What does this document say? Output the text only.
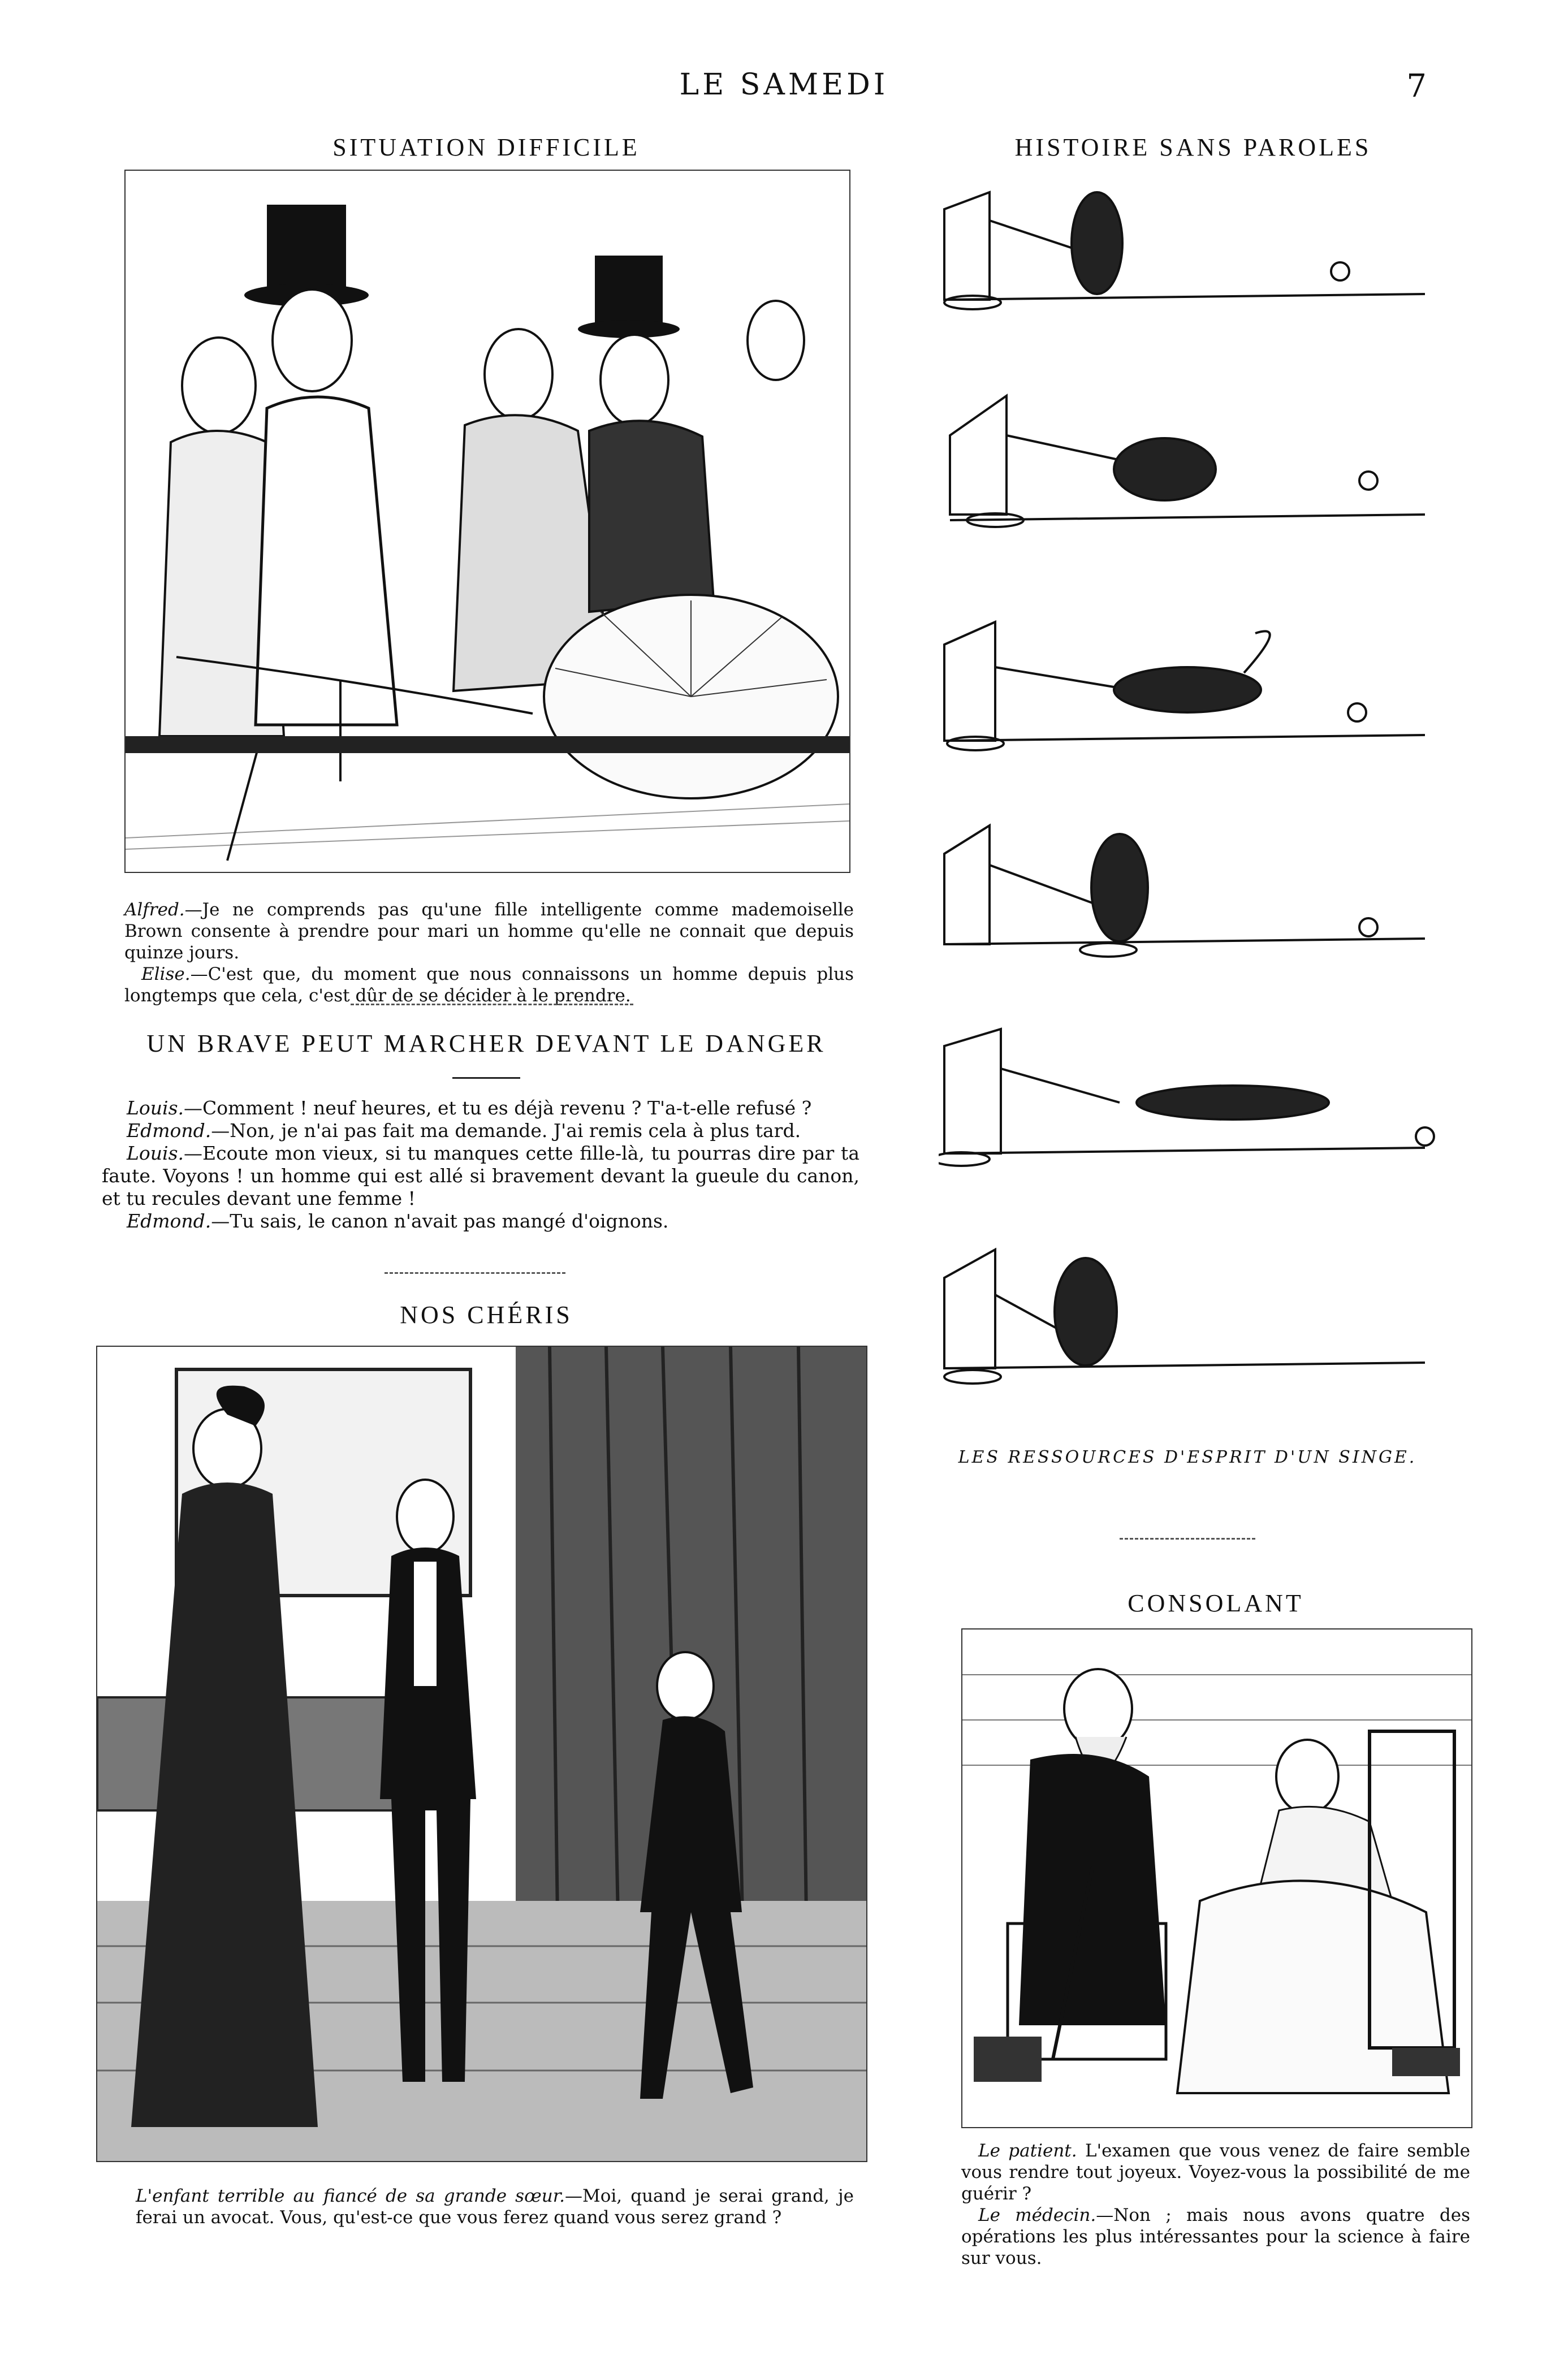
LE SAMEDI	7
SITUATION DIFFICILE
Alfred.—Je ne comprends pas qu'une fille intelligente comme mademoiselle Brown consente à prendre pour mari un homme qu'elle ne connait que depuis quinze jours.
Elise.—C'est que, du moment que nous connaissons un homme depuis plus longtemps que cela, c'est dûr de se décider à le prendre.
UN BRAVE PEUT MARCHER DEVANT LE DANGER

Louis.—Comment ! neuf heures, et tu es déjà revenu ? T'a-t-elle refusé ?

Edmond.—Non, je n'ai pas fait ma demande. J'ai remis cela à plus tard.

Louis.—Ecoute mon vieux, si tu manques cette fille-là, tu pourras dire par ta faute. Voyons ! un homme qui est allé si bravement devant la gueule du canon, et tu recules devant une femme !

Edmond.—Tu sais, le canon n'avait pas mangé d'oignons.

NOS CHÉRIS
L'enfant terrible au fiancé de sa grande sœur.—Moi, quand je serai grand, je ferai un avocat. Vous, qu'est-ce que vous ferez quand vous serez grand ?
HISTOIRE SANS PAROLES
LES RESSOURCES D'ESPRIT D'UN SINGE.
CONSOLANT
Le patient. L'examen que vous venez de faire semble vous rendre tout joyeux. Voyez-vous la possibilité de me guérir ?
Le médecin.—Non ; mais nous avons quatre des opérations les plus intéressantes pour la science à faire sur vous.
